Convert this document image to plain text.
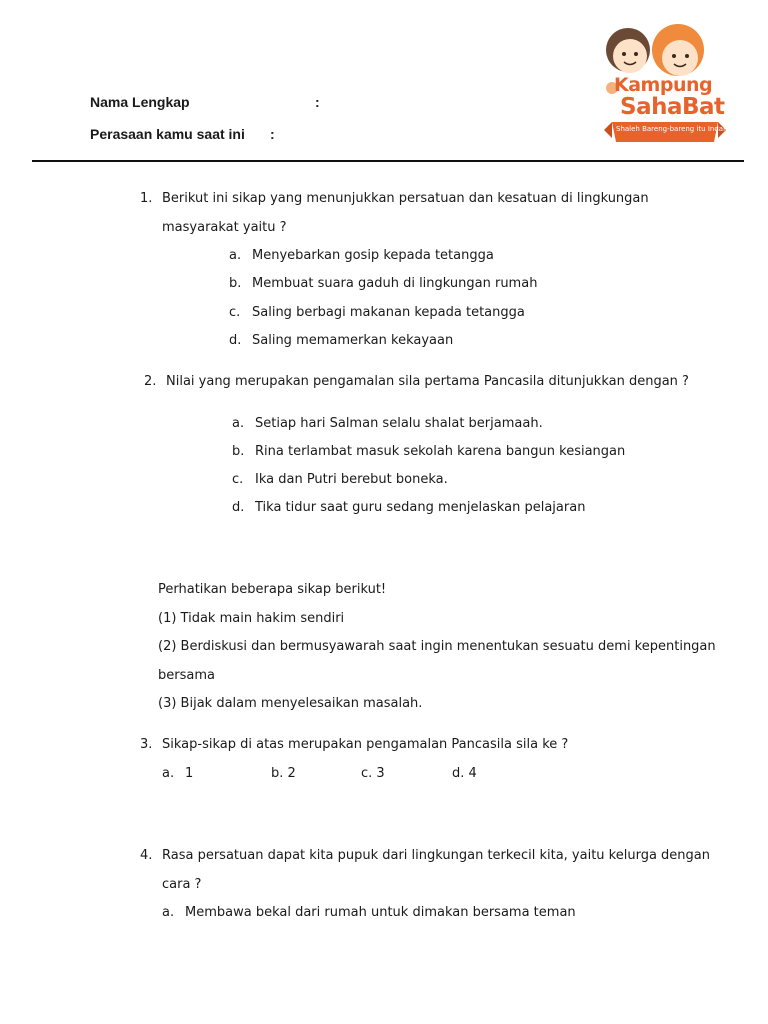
Nama Lengkap	:
Perasaan kamu saat ini :
Kampung
SahaBat
Shaleh Bareng-bareng itu Indah
1. Berikut ini sikap yang menunjukkan persatuan dan kesatuan di lingkungan
masyarakat yaitu ?
a. Menyebarkan gosip kepada tetangga
b. Membuat suara gaduh di lingkungan rumah
c. Saling berbagi makanan kepada tetangga
d. Saling memamerkan kekayaan
2. Nilai yang merupakan pengamalan sila pertama Pancasila ditunjukkan dengan ?
a. Setiap hari Salman selalu shalat berjamaah.
b. Rina terlambat masuk sekolah karena bangun kesiangan
c. Ika dan Putri berebut boneka.
d. Tika tidur saat guru sedang menjelaskan pelajaran
Perhatikan beberapa sikap berikut!
(1) Tidak main hakim sendiri
(2) Berdiskusi dan bermusyawarah saat ingin menentukan sesuatu demi kepentingan
bersama
(3) Bijak dalam menyelesaikan masalah.
3. Sikap-sikap di atas merupakan pengamalan Pancasila sila ke ?
a. 1	b. 2	c. 3	d. 4
4. Rasa persatuan dapat kita pupuk dari lingkungan terkecil kita, yaitu kelurga dengan
cara ?
a. Membawa bekal dari rumah untuk dimakan bersama teman
